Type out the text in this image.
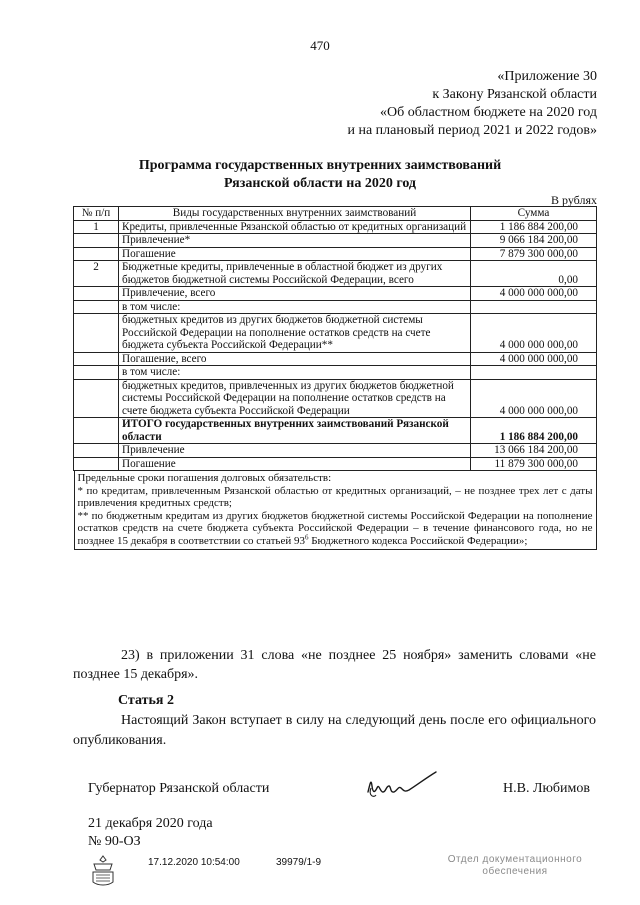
470
«Приложение 30
к Закону Рязанской области
«Об областном бюджете на 2020 год
и на плановый период 2021 и 2022 годов»
Программа государственных внутренних заимствований
Рязанской области на 2020 год
В рублях
№ п/п	Виды государственных внутренних заимствований	Сумма
1	Кредиты, привлеченные Рязанской областью от кредитных организаций	1 186 884 200,00
	Привлечение*	9 066 184 200,00
	Погашение	7 879 300 000,00
2	Бюджетные кредиты, привлеченные в областной бюджет из других бюджетов бюджетной системы Российской Федерации, всего	0,00
	Привлечение, всего	4 000 000 000,00
	в том числе:	
	бюджетных кредитов из других бюджетов бюджетной системы Российской Федерации на пополнение остатков средств на счете бюджета субъекта Российской Федерации**	4 000 000 000,00
	Погашение, всего	4 000 000 000,00
	в том числе:	
	бюджетных кредитов, привлеченных из других бюджетов бюджетной системы Российской Федерации на пополнение остатков средств на счете бюджета субъекта Российской Федерации	4 000 000 000,00
	ИТОГО государственных внутренних заимствований Рязанской области	1 186 884 200,00
	Привлечение	13 066 184 200,00
	Погашение	11 879 300 000,00

Предельные сроки погашения долговых обязательств:

* по кредитам, привлеченным Рязанской областью от кредитных организаций, – не позднее трех лет с даты привлечения кредитных средств;

** по бюджетным кредитам из других бюджетов бюджетной системы Российской Федерации на пополнение остатков средств на счете бюджета субъекта Российской Федерации – в течение финансового года, но не позднее 15 декабря в соответствии со статьей $93^6$ Бюджетного кодекса Российской Федерации»;		

23) в приложении 31 слова «не позднее 25 ноября» заменить словами «не позднее 15 декабря».
Статья 2
Настоящий Закон вступает в силу на следующий день после его официального опубликования.
Губернатор Рязанской области	Н.В. Любимов
21 декабря 2020 года
№ 90-ОЗ
17.12.2020 10:54:00	39979/1-9	Отдел документационного
обеспечения
